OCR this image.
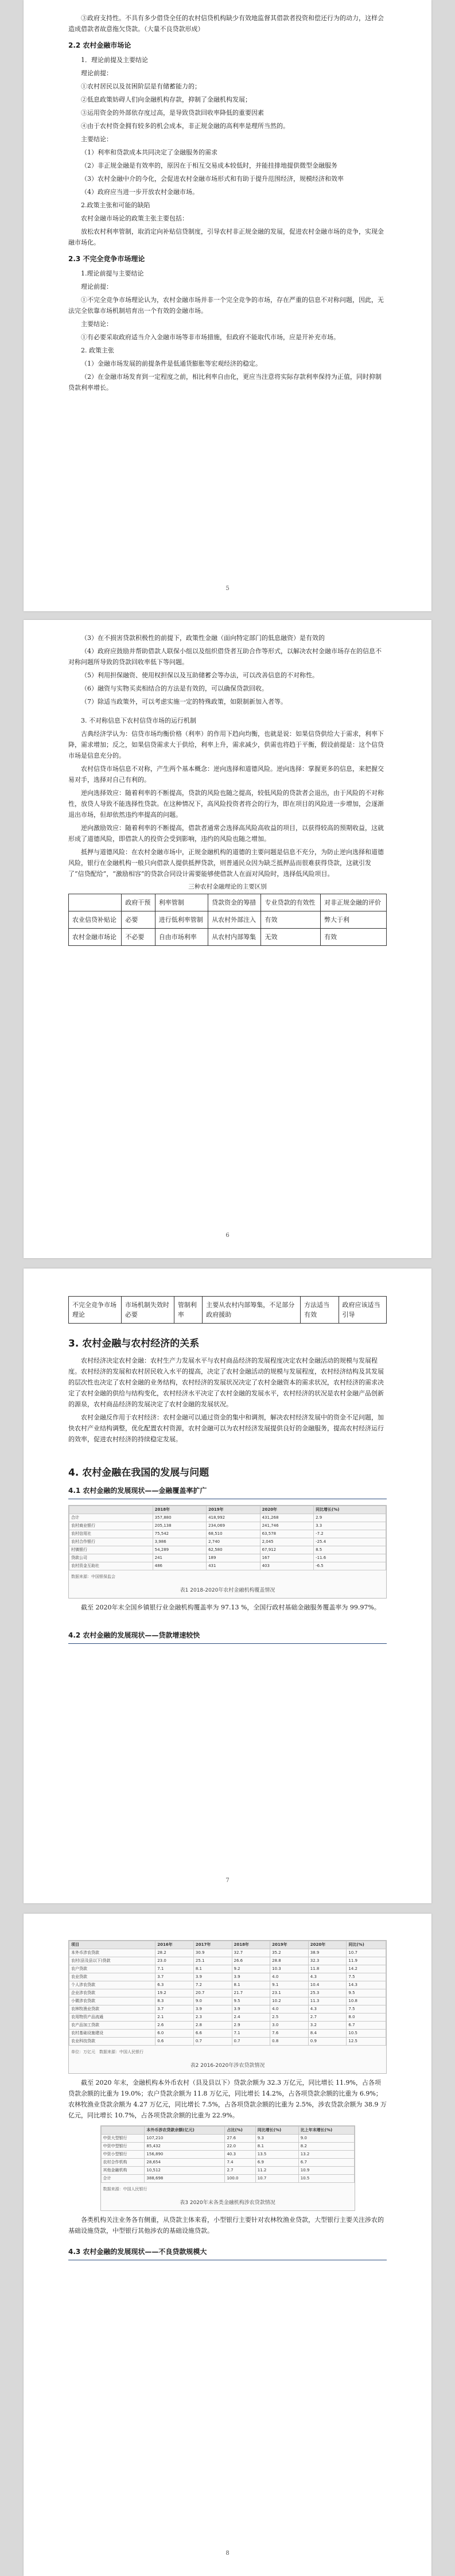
③政府支持性。不具有多少借贷全任的农村信贷机构缺少有效地监督其借款者投资和偿还行为的动力，这样会造成借款者故意拖欠贷款。（大量不良贷款形成）

2.2 农村金融市场论

1．理论前提及主要结论

理论前提：

①农村居民以及贫困阶层是有储蓄能力的；

②低息政策妨碍人们向金融机构存款，抑制了金融机构发展；

③运用资金的外部依存度过高，是导致贷款回收率降低的重要因素

④由于农村资金拥有较多的机会成本，非正规金融的高利率是理所当然的。

主要结论：

（1）利率和贷款成本共同决定了金融服务的需求

（2）非正规金融是有效率的，原因在于相互交易成本较低时，并能挂排地提供微型金融服务

（3）农村金融中介的今化，会促进农村金融市场形式和有助于提升范围经济，规模经济和效率

（4）政府应当进一步开放农村金融市场。

2.政策主张和可能的缺陷

农村金融市场论的政策主张主要包括：

放松农村利率管制，取消定向补贴信贷制度，引导农村非正规金融的发展，促进农村金融市场的竞争，实现金融市场化。

2.3 不完全竞争市场理论

1.理论前提与主要结论

理论前提：

①不完全竞争市场理论认为，农村金融市场并非一个完全竞争的市场，存在严重的信息不对称问题，因此，无法完全依靠市场机制培育出一个有效的金融市场。

主要结论：

①有必要采取政府适当介入金融市场等非市场措施，但政府不能取代市场，应是开补充市场。

2. 政策主张

（1）金融市场发展的前提条件是低通货膨胀等宏观经济的稳定。

（2）在金融市场发育到一定程度之前，相比利率自由化，更应当注意将实际存款利率保持为正值，同时抑制贷款利率增长。

5

（3）在不损害贷款积极性的前提下，政策性金融（面向特定部门的低息融资）是有效的

（4）政府应鼓励并帮助借款人联保小组以及组织借贷者互助合作等形式，以解决农村金融市场存在的信息不对称问题所导致的贷款回收率低下等问题。

（5）利用担保融资、使用权担保以及互助储蓄会等办法，可以改善信息的不对称性。

（6）融资与实物买卖相结合的方法是有效的，可以确保贷款回收。

（7）除适当政策外，可以考虑实施一定的特殊政策，如限制新加入者等。

3. 不对称信息下农村信贷市场的运行机制

古典经济学认为：信贷市场均衡价格（利率）的作用下趋向均衡，也就是说：如果信贷供给大于需求，利率下降，需求增加；反之，如果信贷需求大于供给，利率上升，需求减少，供需也将趋于平衡，假设前提是：这个信贷市场是信息充分的。

农村信贷市场信息不对称，产生两个基本概念：逆向选择和道德风险。逆向选择：掌握更多的信息，来把握交易对手，选择对自己有利的。

逆向选择效应：随着利率的不断提高，贷款的风险也随之提高，较低风险的贷款者会退出，由于风险的不对称性，放贷人导致不能选择性贷款。在这种情况下，高风险投资者将会的行为，即在项目的风险进一步增加，会逐渐退出市场，但却依然违约率提高的问题。

逆向激励效应：随着利率的不断提高，借款者通常会选择高风险高收益的项目，以获得较高的预期收益，这就形成了道德风险，即借款人的投资会受到影响，违约的风险也随之增加。

抵押与道德风险：在农村金融市场中，正规金融机构的道德的主要问题是信息不充分，为防止逆向选择和道德风险，银行在金融机构一般只向借款人提供抵押贷款，则普通民众因为缺乏抵押品而很难获得贷款，这就引发了“信贷配给”，“激励相容”的贷款合同设计需要能够使借款人在面对风险时，选择低风险项目。

三种农村金融理论的主要区别
	政府干预	利率管制	贷款资金的筹措	专业贷款的有效性	对非正规金融的评价
农业信贷补贴论	必要	进行低利率管制	从农村外部注入	有效	弊大于利
农村金融市场论	不必要	自由市场利率	从农村内部筹集	无效	有效
6
不完全竞争市场理论	市场机制失效时必要	管制利率	主要从农村内部筹集，不足部分政府援助	方法适当有效	政府应该适当引导
3. 农村金融与农村经济的关系

农村经济决定农村金融：农村生产力发展水平与农村商品经济的发展程度决定农村金融活动的规模与发展程度。农村经济的发展和农村居民收入水平的提高，决定了农村金融活动的规模与发展程度，农村经济结构及其发展的层次性也决定了农村金融的业务结构，农村经济的发展状况决定了农村金融资本的需求状况，农村经济的需求决定了农村金融的供给与结构变化，农村经济水平决定了农村金融的发展水平，农村经济的状况是农村金融产品创新的源泉，农村商品经济的发展决定了农村金融的发展状况。

农村金融反作用于农村经济：农村金融可以通过资金的集中和调剂，解决农村经济发展中的资金不足问题，加快农村产业结构调整，优化配置农村资源，农村金融可以为农村经济发展提供良好的金融服务，提高农村经济运行的效率，促进农村经济的持续稳定发展。

4. 农村金融在我国的发展与问题
4.1 农村金融的发展现状——金融覆盖率扩广
	2018年	2019年	2020年	同比增长(%)
合计	357,880	418,992	431,268	2.9
农村商业银行	205,138	234,069	241,746	3.3
农村信用社	75,542	68,510	63,578	-7.2
农村合作银行	3,986	2,740	2,045	-25.4
村镇银行	54,289	62,580	67,912	8.5
贷款公司	241	189	167	-11.6
农村资金互助社	486	431	403	-6.5
数据来源：中国银保监会
表1 2018-2020年农村金融机构覆盖情况

截至 2020年末全国乡镇银行业金融机构覆盖率为 97.13 %，全国行政村基础金融服务覆盖率为 99.97%。

4.2 农村金融的发展现状——贷款增速较快
7
项目	2016年	2017年	2018年	2019年	2020年	同比(%)
本外币涉农贷款	28.2	30.9	32.7	35.2	38.9	10.7
农村(县及县以下)贷款	23.0	25.1	26.6	28.8	32.3	11.9
农户贷款	7.1	8.1	9.2	10.3	11.8	14.2
农业贷款	3.7	3.9	3.9	4.0	4.3	7.5
个人涉农贷款	6.3	7.2	8.1	9.1	10.4	14.3
企业涉农贷款	19.2	20.7	21.7	23.1	25.3	9.5
小微涉农贷款	8.3	9.0	9.5	10.2	11.3	10.8
农林牧渔业贷款	3.7	3.9	3.9	4.0	4.3	7.5
农用物资产品流通	2.1	2.3	2.4	2.5	2.7	8.0
农产品加工贷款	2.6	2.8	2.9	3.0	3.2	6.7
农村基础设施建设	6.0	6.6	7.1	7.6	8.4	10.5
农业科技贷款	0.6	0.7	0.7	0.8	0.9	12.5
单位：万亿元　数据来源：中国人民银行
表2 2016-2020年涉农贷款情况

截至 2020 年末，金融机构本外币农村（县及县以下）贷款余额为 32.3 万亿元，同比增长 11.9%，占各项贷款余额的比重为 19.0%；农户贷款余额为 11.8 万亿元，同比增长 14.2%，占各项贷款余额的比重为 6.9%；农林牧渔业贷款余额为 4.27 万亿元，同比增长 7.5%，占各项贷款余额的比重为 2.5%，涉农贷款余额为 38.9 万亿元，同比增长 10.7%，占各项贷款余额的比重为 22.9%。

	本外币涉农贷款余额(亿元)	占比(%)	同比增长(%)	比上年末增长(%)
中资大型银行	107,210	27.6	9.3	9.0
中资中型银行	85,432	22.0	8.1	8.2
中资小型银行	156,890	40.3	13.5	13.2
农村合作机构	28,654	7.4	6.9	6.7
其他金融机构	10,512	2.7	11.2	10.9
合计	388,698	100.0	10.7	10.5
数据来源：中国人民银行
表3 2020年末各类金融机构涉农贷款情况

各类机构关注业务各有侧重，从贷款主体来看，小型银行主要针对农林牧渔业贷款，大型银行主要关注涉农的基础设施贷款，中型银行其他涉农的基础设施贷款。

4.3 农村金融的发展现状——不良贷款规模大
8
